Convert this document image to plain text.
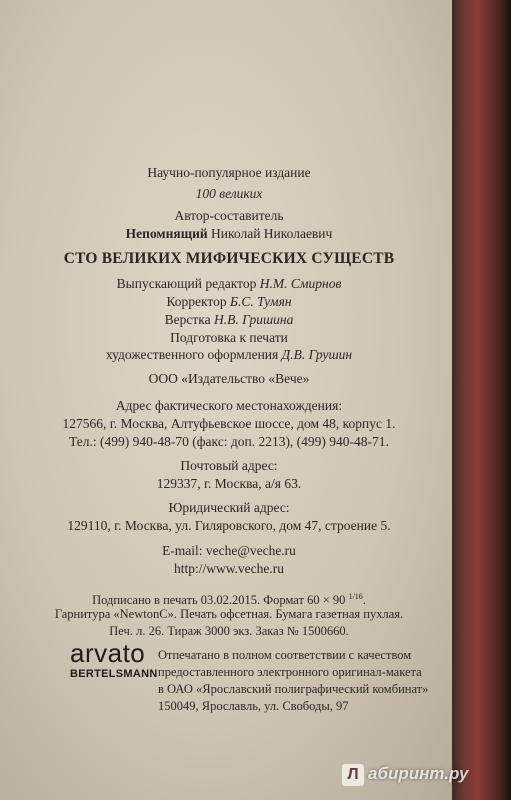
Научно-популярное издание
100 великих
Автор-составитель
Непомнящий Николай Николаевич
СТО ВЕЛИКИХ МИФИЧЕСКИХ СУЩЕСТВ
Выпускающий редактор Н.М. Смирнов
Корректор Б.С. Тумян
Верстка Н.В. Гришина
Подготовка к печати
художественного оформления Д.В. Грушин
ООО «Издательство «Вече»
Адрес фактического местонахождения:
127566, г. Москва, Алтуфьевское шоссе, дом 48, корпус 1.
Тел.: (499) 940-48-70 (факс: доп. 2213), (499) 940-48-71.
Почтовый адрес:
129337, г. Москва, а/я 63.
Юридический адрес:
129110, г. Москва, ул. Гиляровского, дом 47, строение 5.
E-mail: veche@veche.ru
http://www.veche.ru
Подписано в печать 03.02.2015. Формат 60 × 90 $^{1/16}$.
Гарнитура «NewtonC». Печать офсетная. Бумага газетная пухлая.
Печ. л. 26. Тираж 3000 экз. Заказ № 1500660.
arvato
BERTELSMANN
Отпечатано в полном соответствии с качеством
предоставленного электронного оригинал-макета
в ОАО «Ярославский полиграфический комбинат»
150049, Ярославль, ул. Свободы, 97
Л абиринт.ру
